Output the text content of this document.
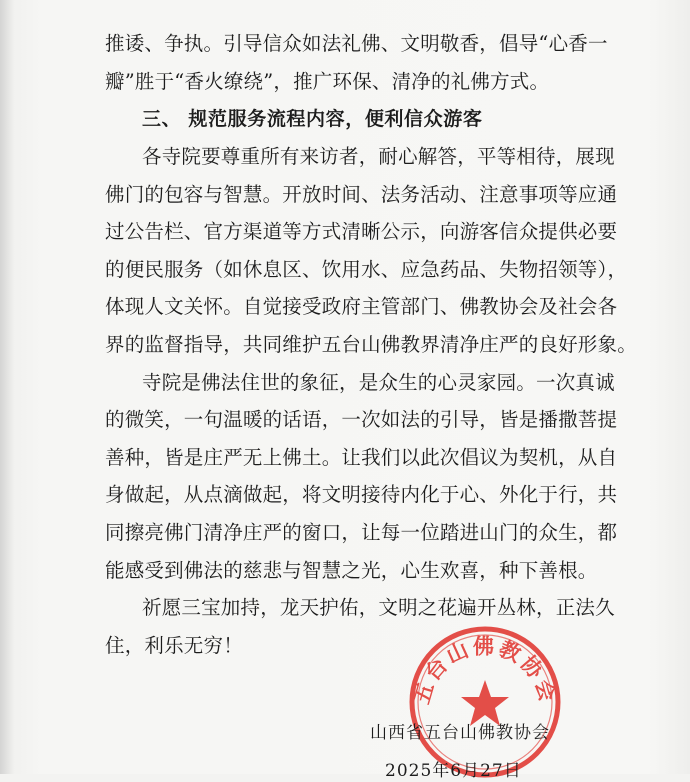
推诿、争执。引导信众如法礼佛、文明敬香，倡导“心香一
瓣”胜于“香火缭绕”，推广环保、清净的礼佛方式。
三、 规范服务流程内容，便利信众游客
各寺院要尊重所有来访者，耐心解答，平等相待，展现
佛门的包容与智慧。开放时间、法务活动、注意事项等应通
过公告栏、官方渠道等方式清晰公示，向游客信众提供必要
的便民服务（如休息区、饮用水、应急药品、失物招领等），
体现人文关怀。自觉接受政府主管部门、佛教协会及社会各
界的监督指导，共同维护五台山佛教界清净庄严的良好形象。
寺院是佛法住世的象征，是众生的心灵家园。一次真诚
的微笑，一句温暖的话语，一次如法的引导，皆是播撒菩提
善种，皆是庄严无上佛土。让我们以此次倡议为契机，从自
身做起，从点滴做起，将文明接待内化于心、外化于行，共
同擦亮佛门清净庄严的窗口，让每一位踏进山门的众生，都
能感受到佛法的慈悲与智慧之光，心生欢喜，种下善根。
祈愿三宝加持，龙天护佑，文明之花遍开丛林，正法久
住，利乐无穷！
五台山佛教协会
山西省五台山佛教协会
2025年6月27日
